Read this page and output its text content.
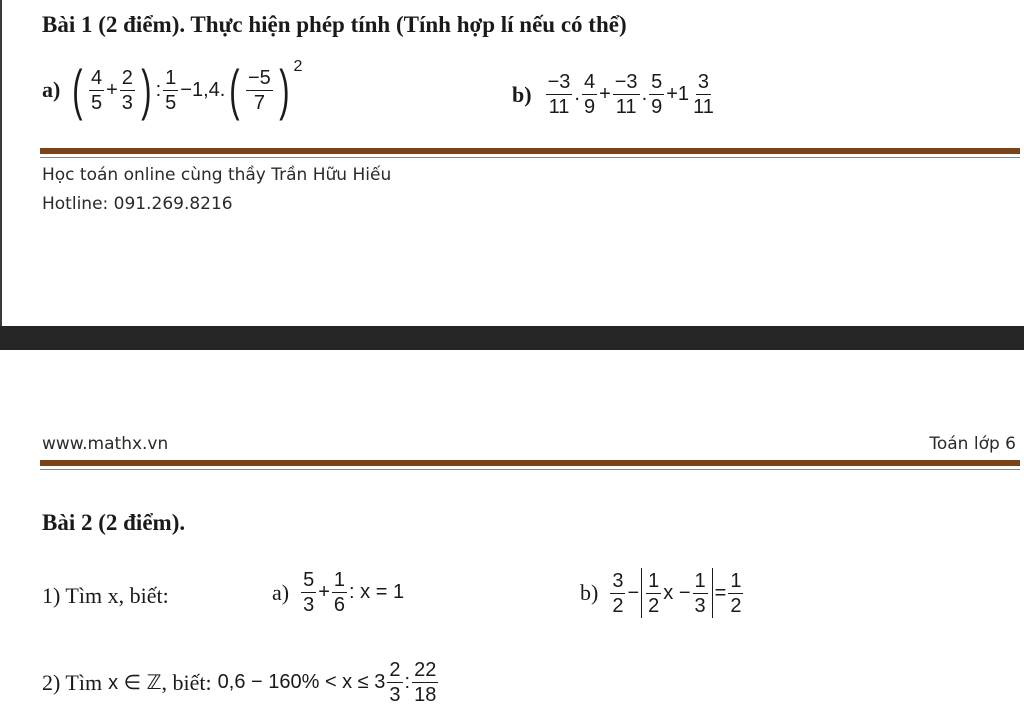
Bài 1 (2 điểm). Thực hiện phép tính (Tính hợp lí nếu có thể)
a) ( $\frac{4}{5} + \frac{2}{3}$ ) : $\frac{1}{5} -1,4$. ( $\frac{-5}{7}$ ) 2
$b) \frac{-3}{11}$ . $\frac{4}{9} + \frac{-3}{11}$ . $\frac{5}{9} +1 \frac{3}{11}$
Học toán online cùng thầy Trần Hữu Hiếu
Hotline: 091.269.8216
www.mathx.vn	Toán lớp 6
Bài 2 (2 điểm).
1) Tìm x, biết:	$a) \frac{5}{3} + \frac{1}{6}$ : x = 1	$b) \frac{3}{2} - \frac{1}{2}$ $x - \frac{1}{3} = \frac{1}{2}$
2) Tìm x ∈ ℤ , biết: $0,6 - 160\% < x \le 3 \frac{2}{3}$ : $\frac{22}{18}$
